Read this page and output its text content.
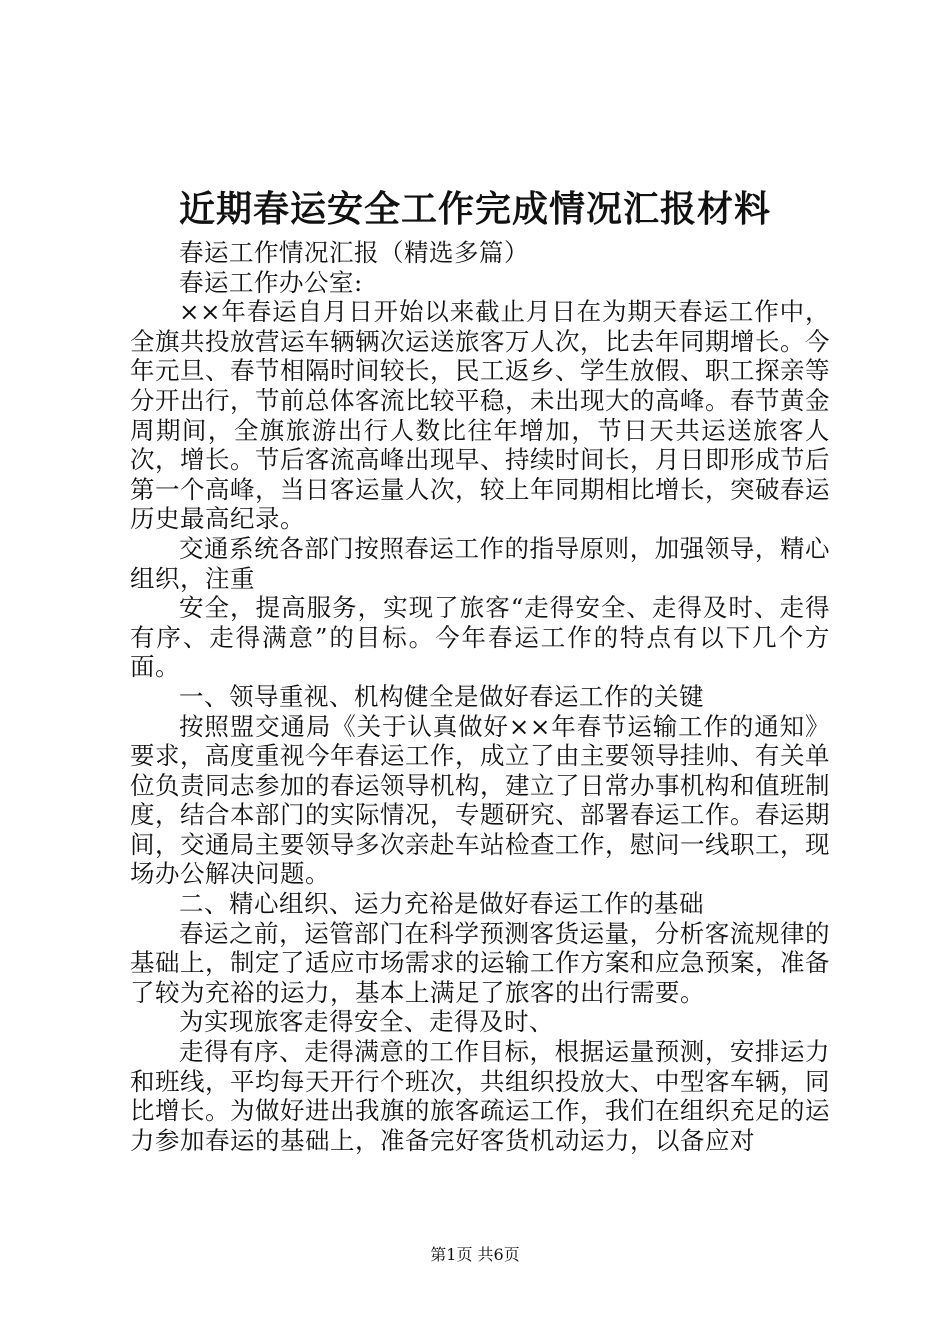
近期春运安全工作完成情况汇报材料

春运工作情况汇报（精选多篇）

春运工作办公室:

××年春运自月日开始以来截止月日在为期天春运工作中，全旗共投放营运车辆辆次运送旅客万人次，比去年同期增长。今年元旦、春节相隔时间较长，民工返乡、学生放假、职工探亲等分开出行，节前总体客流比较平稳，未出现大的高峰。春节黄金周期间，全旗旅游出行人数比往年增加，节日天共运送旅客人次，增长。节后客流高峰出现早、持续时间长，月日即形成节后第一个高峰，当日客运量人次，较上年同期相比增长，突破春运历史最高纪录。

交通系统各部门按照春运工作的指导原则，加强领导，精心组织，注重

安全，提高服务，实现了旅客“走得安全、走得及时、走得有序、走得满意”的目标。今年春运工作的特点有以下几个方面。

一、领导重视、机构健全是做好春运工作的关键

按照盟交通局《关于认真做好××年春节运输工作的通知》要求，高度重视今年春运工作，成立了由主要领导挂帅、有关单位负责同志参加的春运领导机构，建立了日常办事机构和值班制度，结合本部门的实际情况，专题研究、部署春运工作。春运期间，交通局主要领导多次亲赴车站检查工作，慰问一线职工，现场办公解决问题。

二、精心组织、运力充裕是做好春运工作的基础

春运之前，运管部门在科学预测客货运量，分析客流规律的基础上，制定了适应市场需求的运输工作方案和应急预案，准备了较为充裕的运力，基本上满足了旅客的出行需要。

为实现旅客走得安全、走得及时、

走得有序、走得满意的工作目标，根据运量预测，安排运力和班线，平均每天开行个班次，共组织投放大、中型客车辆，同比增长。为做好进出我旗的旅客疏运工作，我们在组织充足的运力参加春运的基础上，准备完好客货机动运力，以备应对

第1页 共6页
